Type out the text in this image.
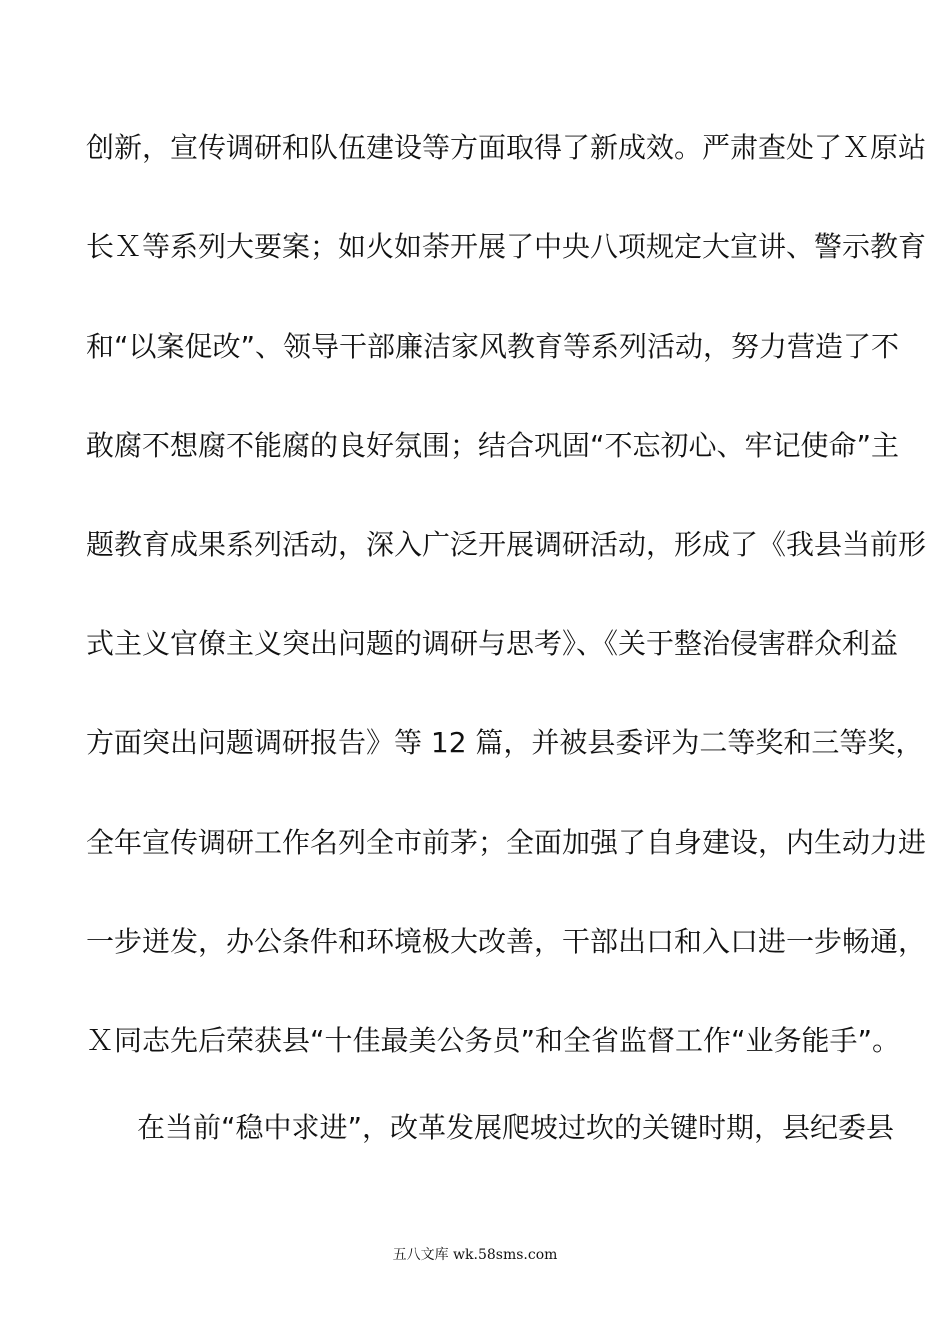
创新，宣传调研和队伍建设等方面取得了新成效。严肃查处了Ｘ原站
长Ｘ等系列大要案；如火如荼开展了中央八项规定大宣讲、警示教育
和“以案促改”、领导干部廉洁家风教育等系列活动，努力营造了不
敢腐不想腐不能腐的良好氛围；结合巩固“不忘初心、牢记使命”主
题教育成果系列活动，深入广泛开展调研活动，形成了《我县当前形
式主义官僚主义突出问题的调研与思考》、《关于整治侵害群众利益
方面突出问题调研报告》等 12 篇，并被县委评为二等奖和三等奖，
全年宣传调研工作名列全市前茅；全面加强了自身建设，内生动力进
一步迸发，办公条件和环境极大改善，干部出口和入口进一步畅通，
Ｘ同志先后荣获县“十佳最美公务员”和全省监督工作“业务能手”。
在当前“稳中求进”，改革发展爬坡过坎的关键时期，县纪委县
五八文库 wk.58sms.com
